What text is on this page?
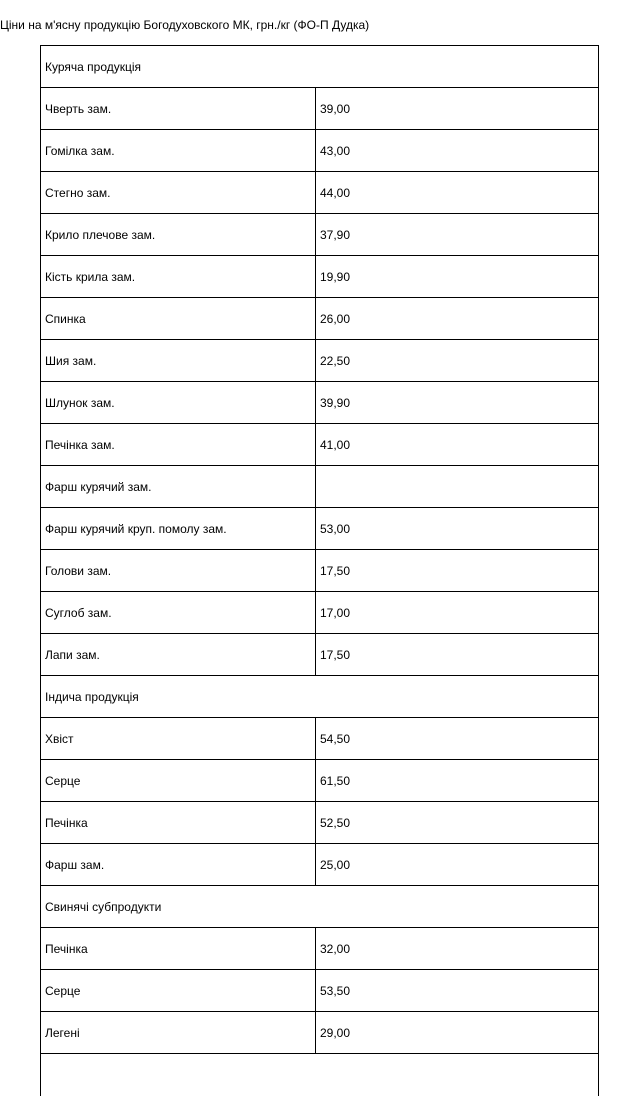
Ціни на м'ясну продукцію Богодуховского МК, грн./кг (ФО-П Дудка)
Куряча продукція	
Чверть зам.	39,00
Гомілка зам.	43,00
Стегно зам.	44,00
Крило плечове зам.	37,90
Кість крила зам.	19,90
Спинка	26,00
Шия зам.	22,50
Шлунок зам.	39,90
Печінка зам.	41,00
Фарш курячий зам.	
Фарш курячий круп. помолу зам.	53,00
Голови зам.	17,50
Суглоб зам.	17,00
Лапи зам.	17,50
Індича продукція	
Хвіст	54,50
Серце	61,50
Печінка	52,50
Фарш зам.	25,00
Свинячі субпродукти	
Печінка	32,00
Серце	53,50
Легені	29,00
